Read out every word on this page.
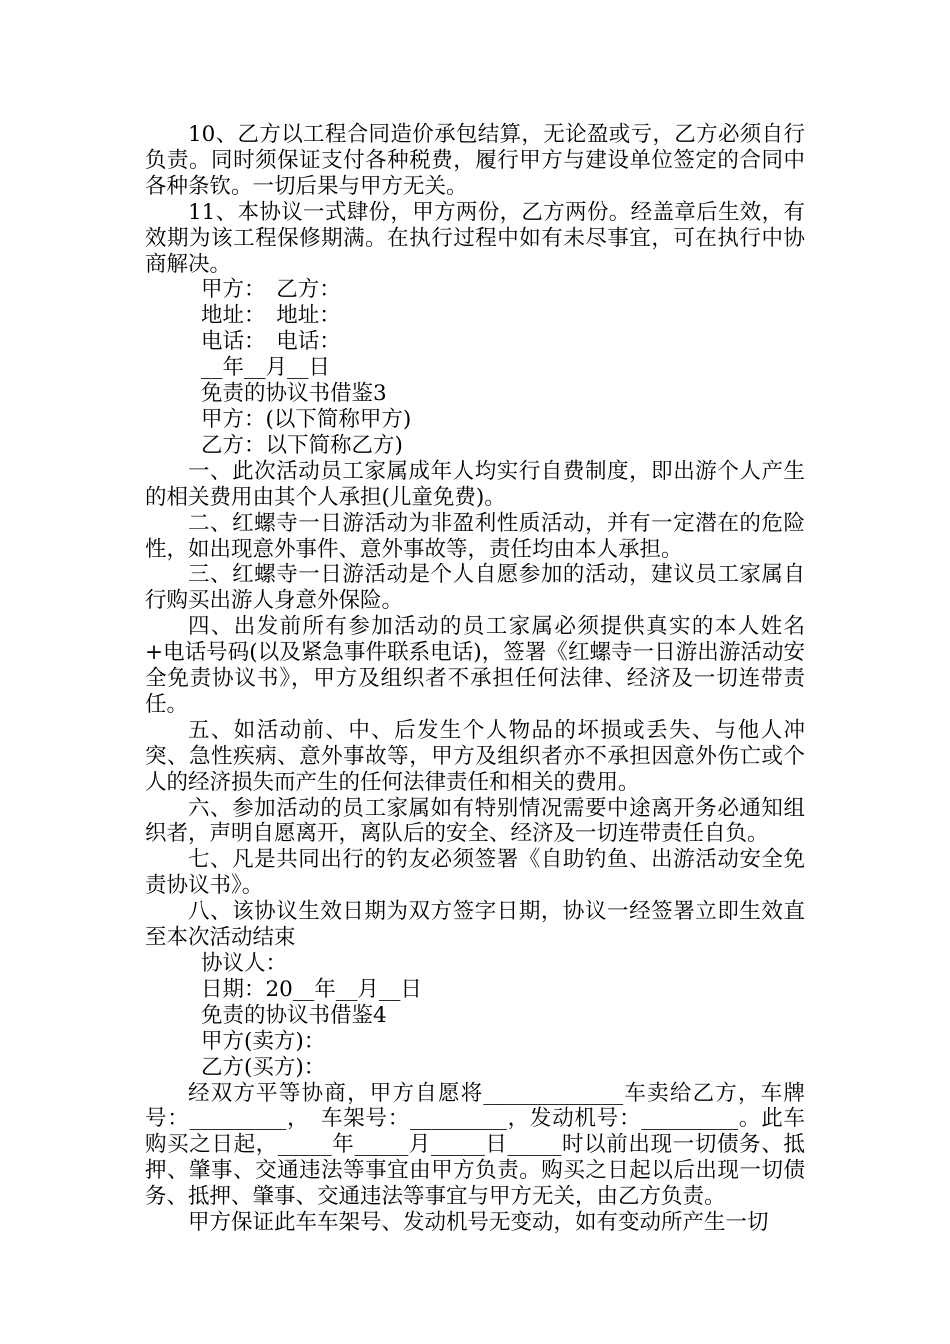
10、乙方以工程合同造价承包结算，无论盈或亏，乙方必须自行负责。同时须保证支付各种税费，履行甲方与建设单位签定的合同中各种条钦。一切后果与甲方无关。

11、本协议一式肆份，甲方两份，乙方两份。经盖章后生效，有效期为该工程保修期满。在执行过程中如有未尽事宜，可在执行中协商解决。

甲方：　乙方：

地址：　地址：

电话：　电话：

__年__月__日

免责的协议书借鉴3

甲方：(以下简称甲方)

乙方：以下简称乙方)

一、此次活动员工家属成年人均实行自费制度，即出游个人产生的相关费用由其个人承担(儿童免费)。

二、红螺寺一日游活动为非盈利性质活动，并有一定潜在的危险性，如出现意外事件、意外事故等，责任均由本人承担。

三、红螺寺一日游活动是个人自愿参加的活动，建议员工家属自行购买出游人身意外保险。

四、出发前所有参加活动的员工家属必须提供真实的本人姓名+电话号码(以及紧急事件联系电话)，签署《红螺寺一日游出游活动安全免责协议书》，甲方及组织者不承担任何法律、经济及一切连带责任。

五、如活动前、中、后发生个人物品的坏损或丢失、与他人冲突、急性疾病、意外事故等，甲方及组织者亦不承担因意外伤亡或个人的经济损失而产生的任何法律责任和相关的费用。

六、参加活动的员工家属如有特别情况需要中途离开务必通知组织者，声明自愿离开，离队后的安全、经济及一切连带责任自负。

七、凡是共同出行的钓友必须签署《自助钓鱼、出游活动安全免责协议书》。

八、该协议生效日期为双方签字日期，协议一经签署立即生效直至本次活动结束

协议人：

日期：20__年__月__日

免责的协议书借鉴4

甲方(卖方)：

乙方(买方)：

经双方平等协商，甲方自愿将_____________车卖给乙方，车牌号：_________，　车架号：_________，发动机号：_________。此车购买之日起，_____年_____月_____日_____时以前出现一切债务、抵押、肇事、交通违法等事宜由甲方负责。购买之日起以后出现一切债务、抵押、肇事、交通违法等事宜与甲方无关，由乙方负责。

甲方保证此车车架号、发动机号无变动，如有变动所产生一切
